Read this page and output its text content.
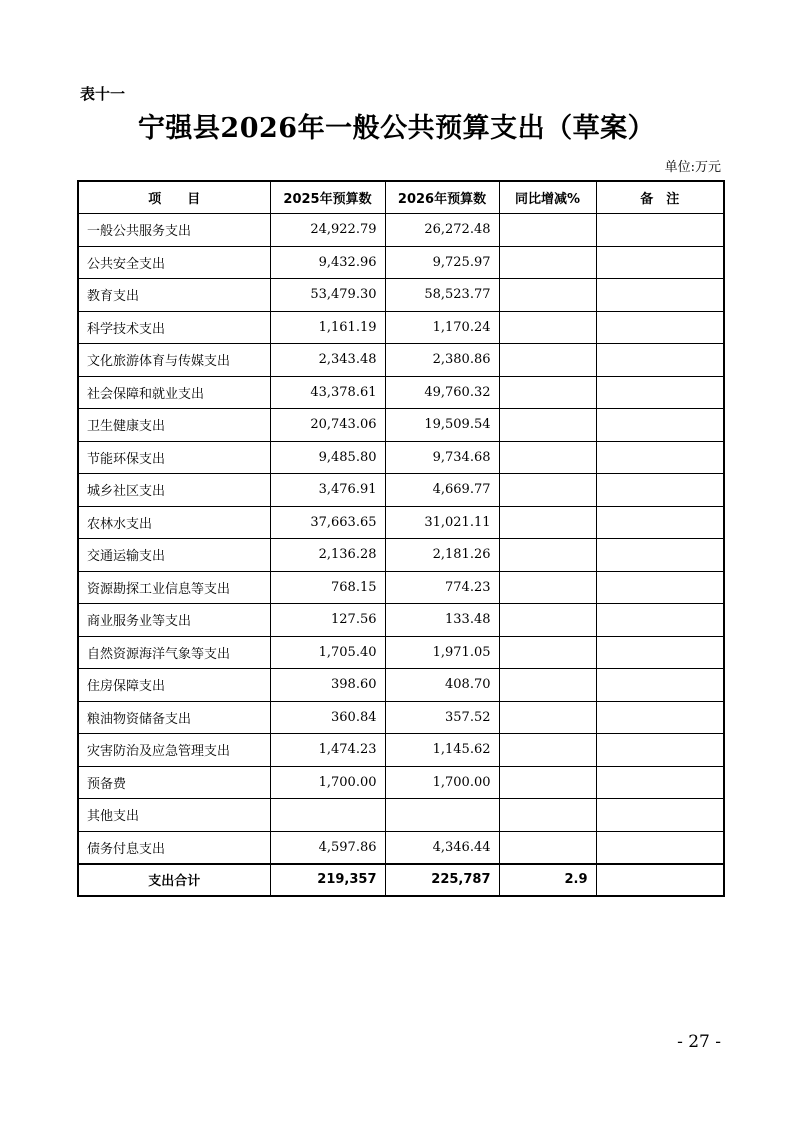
表十一
宁强县2026年一般公共预算支出（草案）
单位:万元
项　　目	2025年预算数	2026年预算数	同比增减%	备　注
一般公共服务支出	24,922.79	26,272.48		
公共安全支出	9,432.96	9,725.97		
教育支出	53,479.30	58,523.77		
科学技术支出	1,161.19	1,170.24		
文化旅游体育与传媒支出	2,343.48	2,380.86		
社会保障和就业支出	43,378.61	49,760.32		
卫生健康支出	20,743.06	19,509.54		
节能环保支出	9,485.80	9,734.68		
城乡社区支出	3,476.91	4,669.77		
农林水支出	37,663.65	31,021.11		
交通运输支出	2,136.28	2,181.26		
资源勘探工业信息等支出	768.15	774.23		
商业服务业等支出	127.56	133.48		
自然资源海洋气象等支出	1,705.40	1,971.05		
住房保障支出	398.60	408.70		
粮油物资储备支出	360.84	357.52		
灾害防治及应急管理支出	1,474.23	1,145.62		
预备费	1,700.00	1,700.00		
其他支出				
债务付息支出	4,597.86	4,346.44		
支出合计	219,357	225,787	2.9	
- 27 -
